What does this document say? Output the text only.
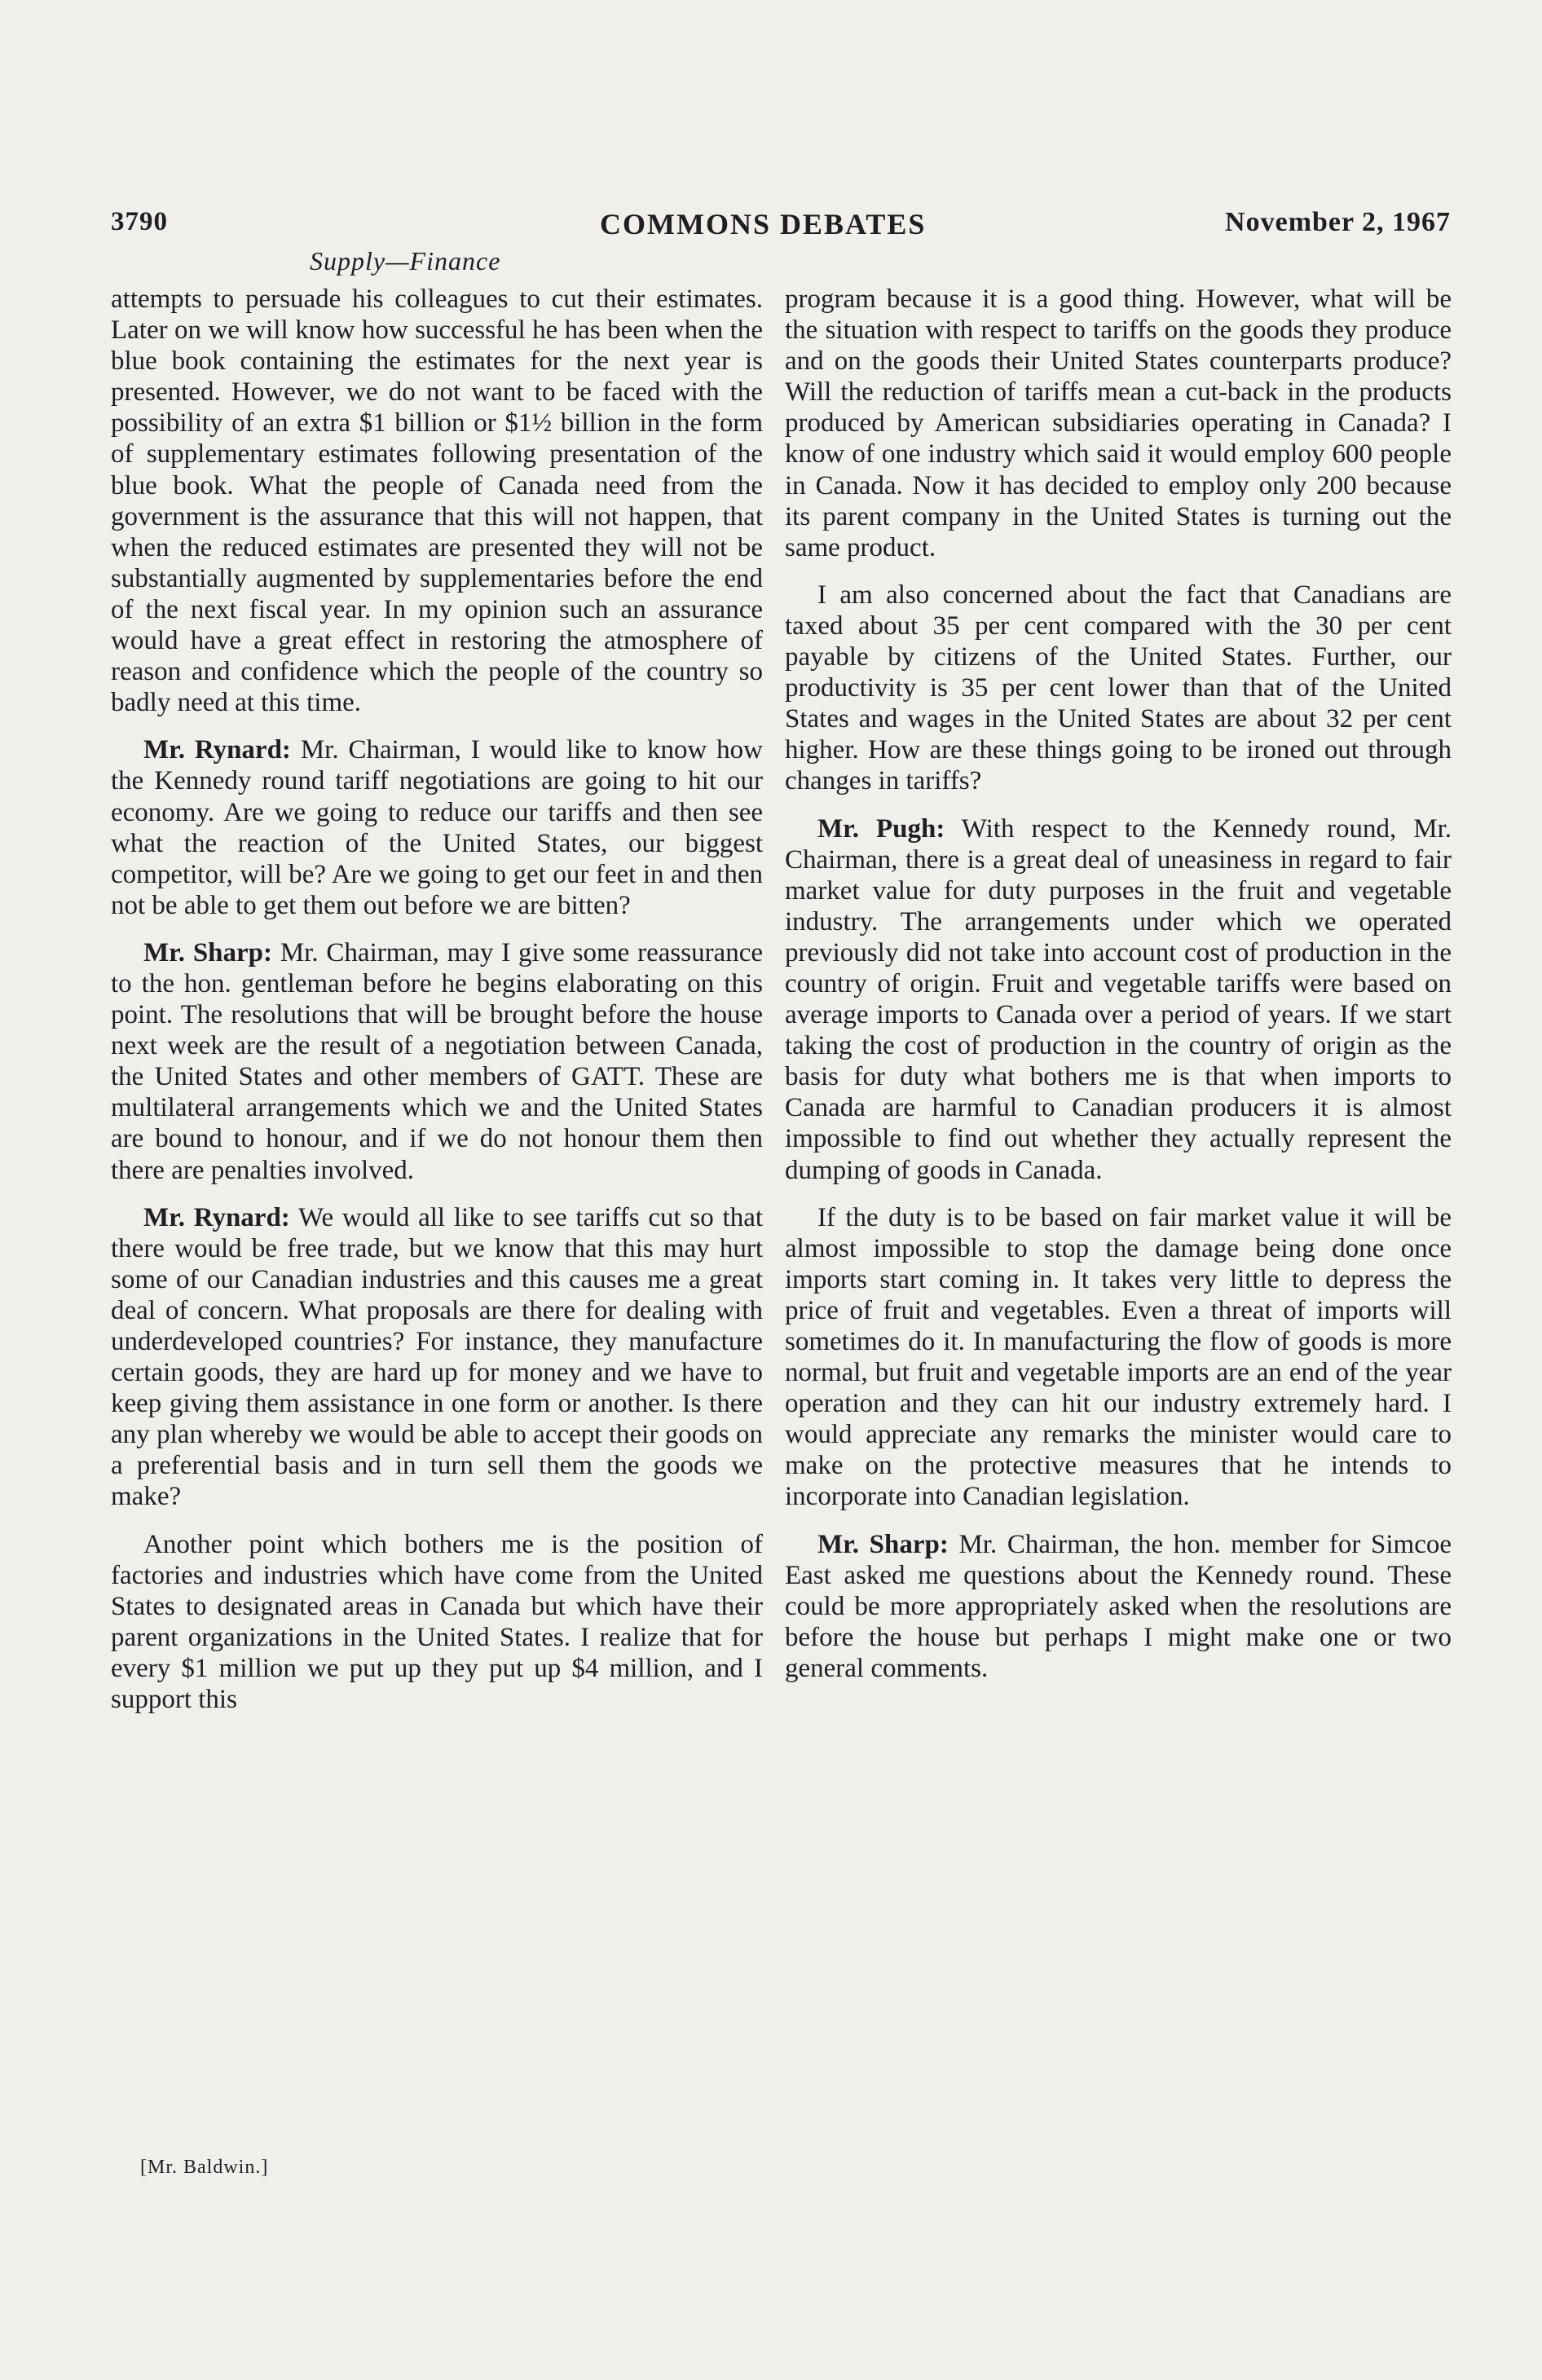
3790	COMMONS DEBATES	November 2, 1967
Supply—Finance

attempts to persuade his colleagues to cut their estimates. Later on we will know how successful he has been when the blue book containing the estimates for the next year is presented. However, we do not want to be faced with the possibility of an extra $1 billion or $1½ billion in the form of supplementary estimates following presentation of the blue book. What the people of Canada need from the government is the assurance that this will not happen, that when the reduced estimates are presented they will not be substantially augmented by supplementaries before the end of the next fiscal year. In my opinion such an assurance would have a great effect in restoring the atmosphere of reason and confidence which the people of the country so badly need at this time.

Mr. Rynard: Mr. Chairman, I would like to know how the Kennedy round tariff negotiations are going to hit our economy. Are we going to reduce our tariffs and then see what the reaction of the United States, our biggest competitor, will be? Are we going to get our feet in and then not be able to get them out before we are bitten?

Mr. Sharp: Mr. Chairman, may I give some reassurance to the hon. gentleman before he begins elaborating on this point. The resolutions that will be brought before the house next week are the result of a negotiation between Canada, the United States and other members of GATT. These are multilateral arrangements which we and the United States are bound to honour, and if we do not honour them then there are penalties involved.

Mr. Rynard: We would all like to see tariffs cut so that there would be free trade, but we know that this may hurt some of our Canadian industries and this causes me a great deal of concern. What proposals are there for dealing with underdeveloped countries? For instance, they manufacture certain goods, they are hard up for money and we have to keep giving them assistance in one form or another. Is there any plan whereby we would be able to accept their goods on a preferential basis and in turn sell them the goods we make?

Another point which bothers me is the position of factories and industries which have come from the United States to designated areas in Canada but which have their parent organizations in the United States. I realize that for every $1 million we put up they put up $4 million, and I support this

program because it is a good thing. However, what will be the situation with respect to tariffs on the goods they produce and on the goods their United States counterparts produce? Will the reduction of tariffs mean a cut-back in the products produced by American subsidiaries operating in Canada? I know of one industry which said it would employ 600 people in Canada. Now it has decided to employ only 200 because its parent company in the United States is turning out the same product.

I am also concerned about the fact that Canadians are taxed about 35 per cent compared with the 30 per cent payable by citizens of the United States. Further, our productivity is 35 per cent lower than that of the United States and wages in the United States are about 32 per cent higher. How are these things going to be ironed out through changes in tariffs?

Mr. Pugh: With respect to the Kennedy round, Mr. Chairman, there is a great deal of uneasiness in regard to fair market value for duty purposes in the fruit and vegetable industry. The arrangements under which we operated previously did not take into account cost of production in the country of origin. Fruit and vegetable tariffs were based on average imports to Canada over a period of years. If we start taking the cost of production in the country of origin as the basis for duty what bothers me is that when imports to Canada are harmful to Canadian producers it is almost impossible to find out whether they actually represent the dumping of goods in Canada.

If the duty is to be based on fair market value it will be almost impossible to stop the damage being done once imports start coming in. It takes very little to depress the price of fruit and vegetables. Even a threat of imports will sometimes do it. In manufacturing the flow of goods is more normal, but fruit and vegetable imports are an end of the year operation and they can hit our industry extremely hard. I would appreciate any remarks the minister would care to make on the protective measures that he intends to incorporate into Canadian legislation.

Mr. Sharp: Mr. Chairman, the hon. member for Simcoe East asked me questions about the Kennedy round. These could be more appropriately asked when the resolutions are before the house but perhaps I might make one or two general comments.

[Mr. Baldwin.]
